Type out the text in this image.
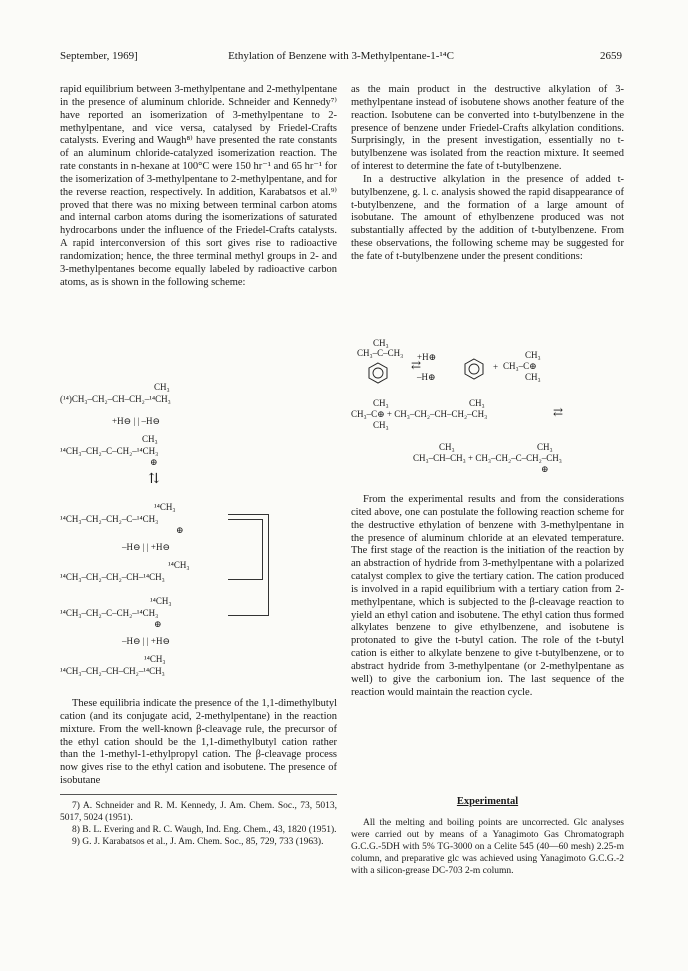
September, 1969]	Ethylation of Benzene with 3-Methylpentane-1-¹⁴C	2659

rapid equilibrium between 3-methylpentane and 2-methylpentane in the presence of aluminum chloride. Schneider and Kennedy⁷⁾ have reported an isomerization of 3-methylpentane to 2-methylpentane, and vice versa, catalysed by Friedel-Crafts catalysts. Evering and Waugh⁸⁾ have presented the rate constants of an aluminum chloride-catalyzed isomerization reaction. The rate constants in n-hexane at 100°C were 150 hr⁻¹ and 65 hr⁻¹ for the isomerization of 3-methylpentane to 2-methylpentane, and for the reverse reaction, respectively. In addition, Karabatsos et al.⁹⁾ proved that there was no mixing between terminal carbon atoms and internal carbon atoms during the isomerizations of saturated hydrocarbons under the influence of the Friedel-Crafts catalysts. A rapid interconversion of this sort gives rise to radioactive randomization; hence, the three terminal methyl groups in 2- and 3-methylpentanes become equally labeled by radioactive carbon atoms, as is shown in the following scheme:

CH₃
(¹⁴)CH₃–CH₂–CH–CH₂–¹⁴CH₃
+H⊖ | | –H⊖
CH₃
¹⁴CH₃–CH₂–C–CH₂–¹⁴CH₃
⊕
⇅
¹⁴CH₃
¹⁴CH₃–CH₂–CH₂–C–¹⁴CH₃
⊕
–H⊖ | | +H⊖
¹⁴CH₃
¹⁴CH₃–CH₂–CH₂–CH–¹⁴CH₃
¹⁴CH₃
¹⁴CH₃–CH₂–C–CH₂–¹⁴CH₃
⊕
–H⊖ | | +H⊖
¹⁴CH₃
¹⁴CH₃–CH₂–CH–CH₂–¹⁴CH₃

These equilibria indicate the presence of the 1,1-dimethylbutyl cation (and its conjugate acid, 2-methylpentane) in the reaction mixture. From the well-known β-cleavage rule, the precursor of the ethyl cation should be the 1,1-dimethylbutyl cation rather than the 1-methyl-1-ethylpropyl cation. The β-cleavage process now gives rise to the ethyl cation and isobutene. The presence of isobutane

as the main product in the destructive alkylation of 3-methylpentane instead of isobutene shows another feature of the reaction. Isobutene can be converted into t-butylbenzene in the presence of benzene under Friedel-Crafts alkylation conditions. Surprisingly, in the present investigation, essentially no t-butylbenzene was isolated from the reaction mixture. It seemed of interest to determine the fate of t-butylbenzene.

In a destructive alkylation in the presence of added t-butylbenzene, g. l. c. analysis showed the rapid disappearance of t-butylbenzene, and the formation of a large amount of isobutane. The amount of ethylbenzene produced was not substantially affected by the addition of t-butylbenzene. From these observations, the following scheme may be suggested for the fate of t-butylbenzene under the present conditions:

CH₃
CH₃–C–CH₃ +H⊕
⇄
–H⊕
+
CH₃
CH₃–C⊕
CH₃
CH₃	CH₃
CH₃–C⊕ + CH₃–CH₂–CH–CH₂–CH₃	⇄
CH₃
CH₃	CH₃
CH₃–CH–CH₃ + CH₃–CH₂–C–CH₂–CH₃
⊕

From the experimental results and from the considerations cited above, one can postulate the following reaction scheme for the destructive ethylation of benzene with 3-methylpentane in the presence of aluminum chloride at an elevated temperature. The first stage of the reaction is the initiation of the reaction by an abstraction of hydride from 3-methylpentane with a polarized catalyst complex to give the tertiary cation. The cation produced is involved in a rapid equilibrium with a tertiary cation from 2-methylpentane, which is subjected to the β-cleavage reaction to yield an ethyl cation and isobutene. The ethyl cation thus formed alkylates benzene to give ethylbenzene, and isobutene is protonated to give the t-butyl cation. The role of the t-butyl cation is either to alkylate benzene to give t-butylbenzene, or to abstract hydride from 3-methylpentane (or 2-methylpentane as well) to give the carbonium ion. The last sequence of the reaction would maintain the reaction cycle.

7) A. Schneider and R. M. Kennedy, J. Am. Chem. Soc., 73, 5013, 5017, 5024 (1951).

8) B. L. Evering and R. C. Waugh, Ind. Eng. Chem., 43, 1820 (1951).

9) G. J. Karabatsos et al., J. Am. Chem. Soc., 85, 729, 733 (1963).

Experimental

All the melting and boiling points are uncorrected. Glc analyses were carried out by means of a Yanagimoto Gas Chromatograph G.C.G.-5DH with 5% TG-3000 on a Celite 545 (40—60 mesh) 2.25-m column, and preparative glc was achieved using Yanagimoto G.C.G.-2 with a silicon-grease DC-703 2-m column.
